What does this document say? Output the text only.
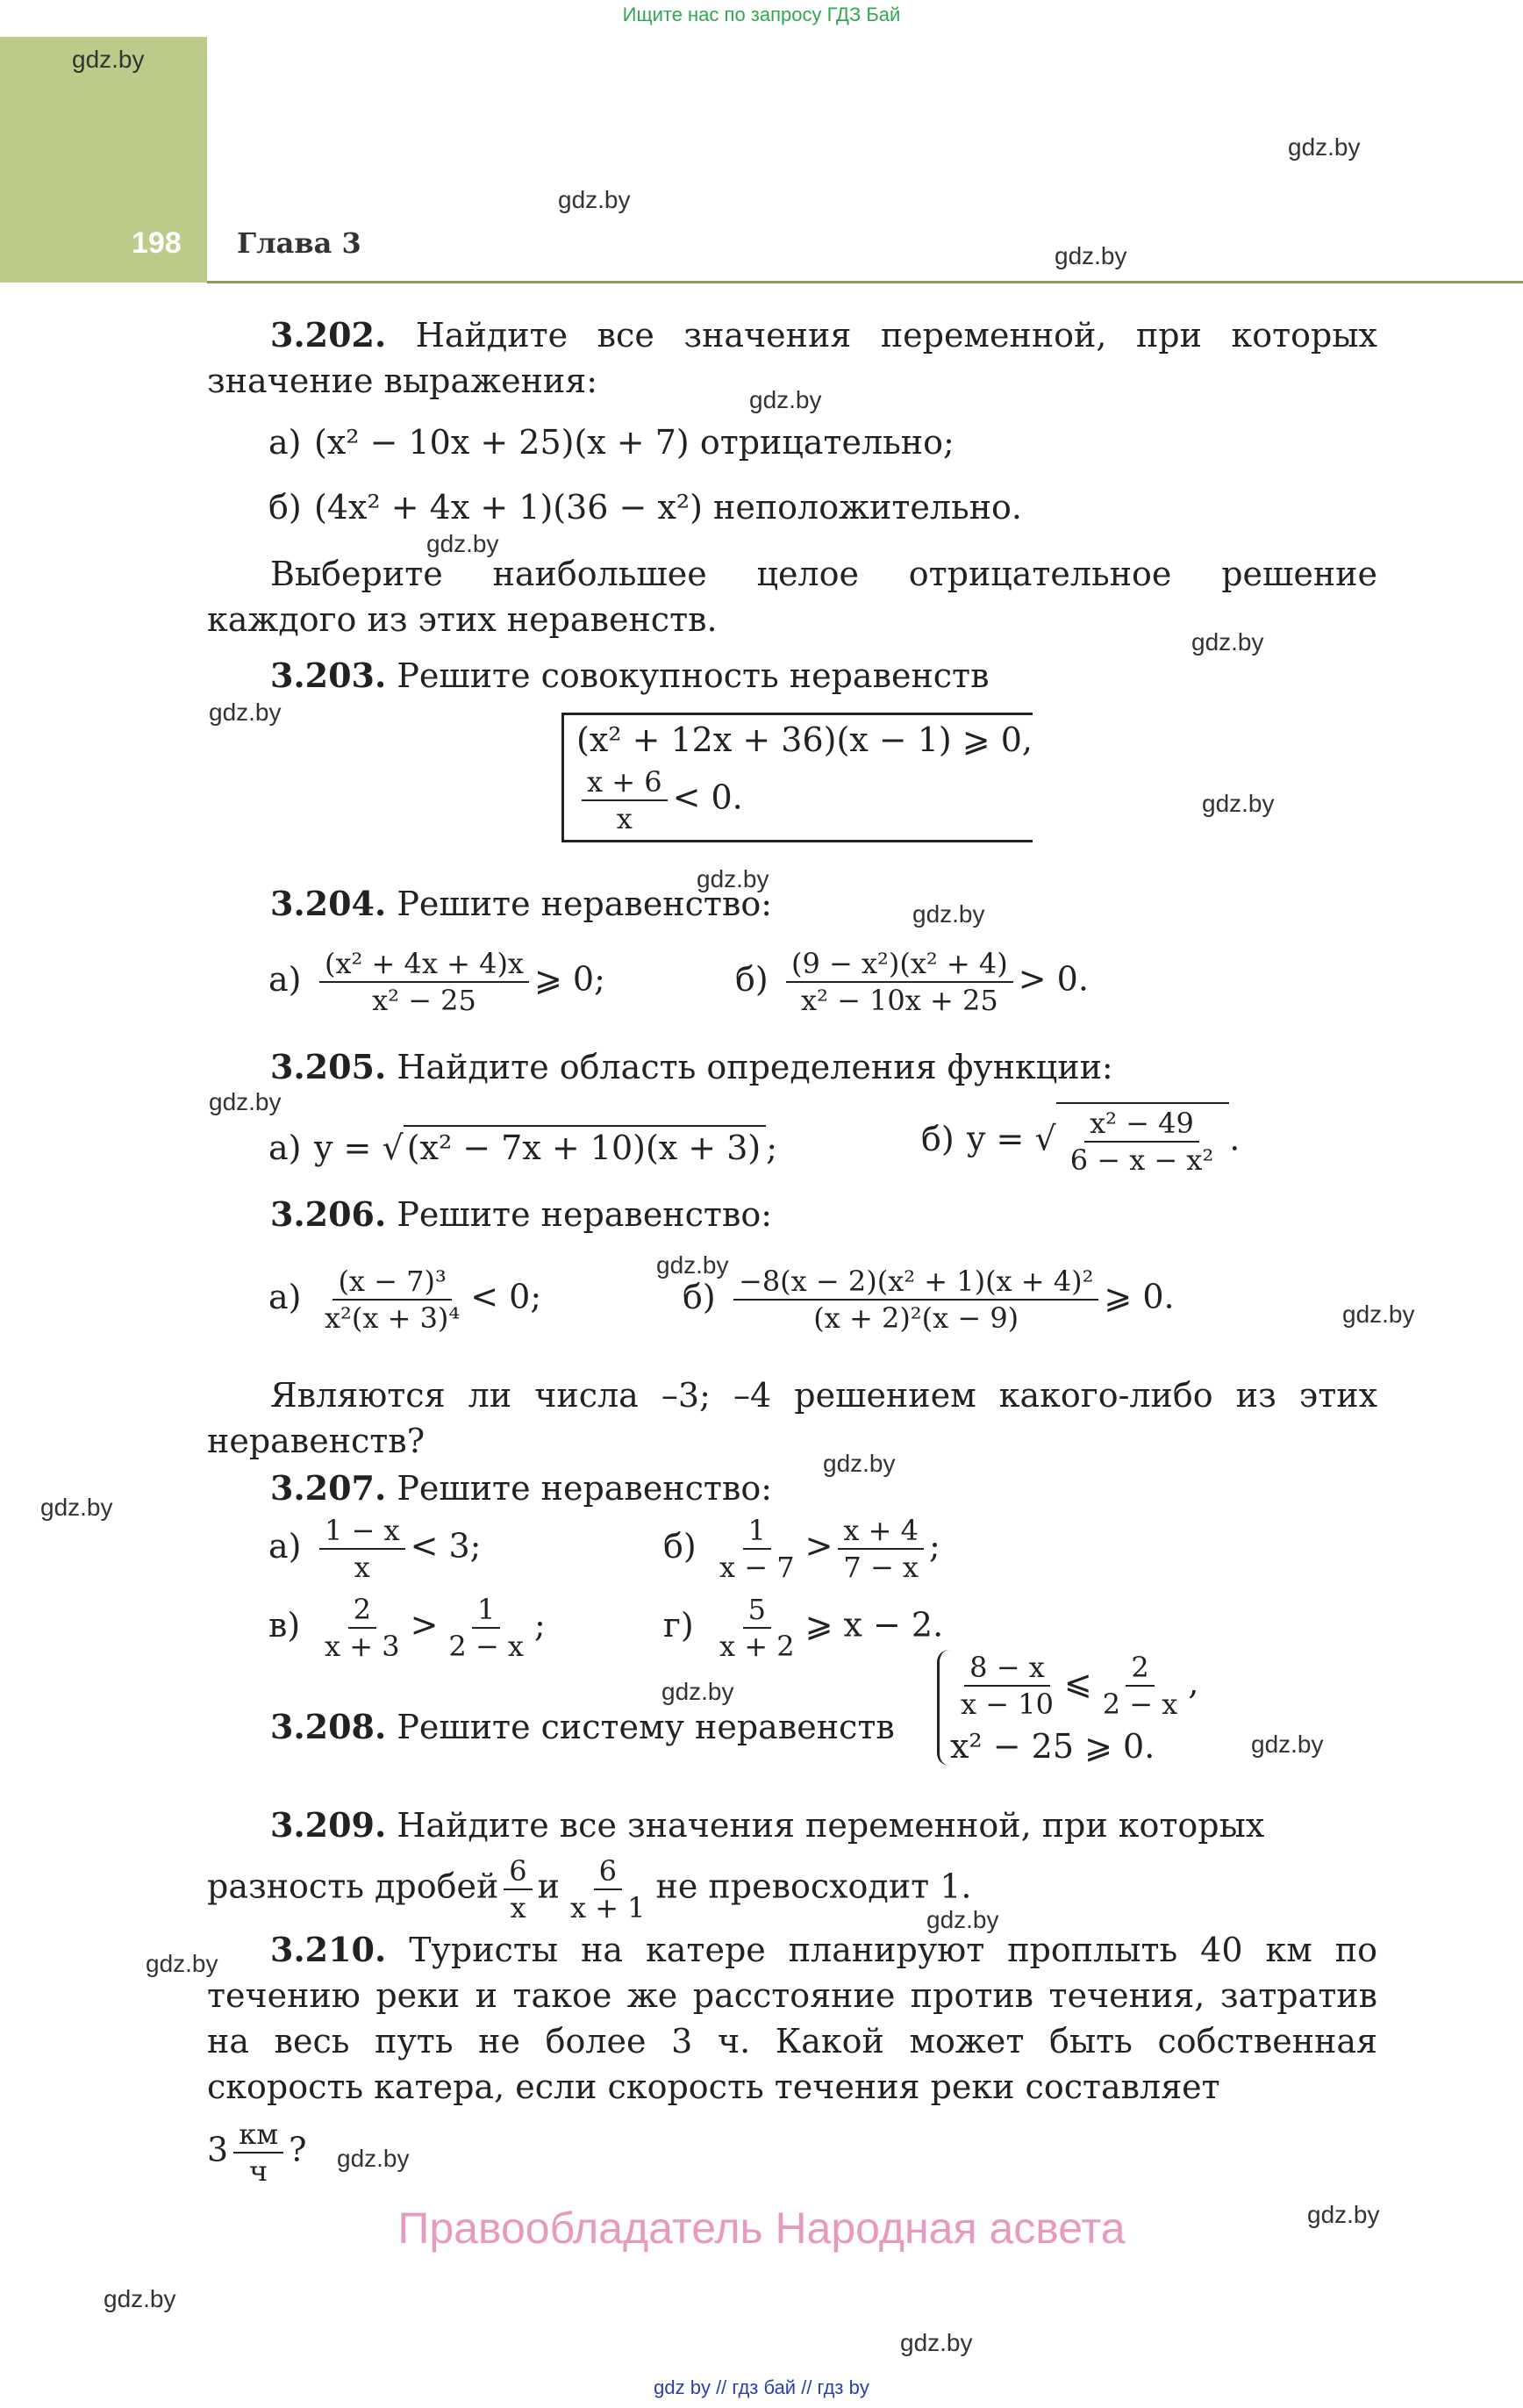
Ищите нас по запросу ГДЗ Бай
198 Глава 3
gdz.by
gdz.by
gdz.by
gdz.by
gdz.by
gdz.by
gdz.by
gdz.by
gdz.by
gdz.by
gdz.by
gdz.by
gdz.by
gdz.by
gdz.by
gdz.by
gdz.by
gdz.by
gdz.by
gdz.by
gdz.by
gdz.by
gdz.by
gdz.by
3.202. Найдите все значения переменной, при которых значение выражения:
а) (x² − 10x + 25)(x + 7) отрицательно;
б) (4x² + 4x + 1)(36 − x²) неположительно.
Выберите наибольшее целое отрицательное решение каждого из этих неравенств.
3.203. Решите совокупность неравенств
(x² + 12x + 36)(x − 1) ⩾ 0,
$\frac{x + 6}{x} < 0$.
3.204. Решите неравенство:
$а) \frac{\text{(x² + 4x + 4)x}}{\text{x² − 25}}$ ⩾ 0;	$б) \frac{\text{(9 − x²)(x² + 4)}}{\text{x² − 10x + 25}} > 0$.
3.205. Найдите область определения функции:
а) y = √ (x² − 7x + 10)(x + 3) ;	б) y = √ $\frac{\text{x² − 49}}{\text{6 − x − x²}}$ .
3.206. Решите неравенство:
$а) \frac{\text{(x − 7)³}}{\text{x²(x + 3)⁴}} < 0$;	$б) \frac{\text{−8(x − 2)(x² + 1)(x + 4)²}}{\text{(x + 2)²(x − 9)}}$ ⩾ 0.
Являются ли числа –3; –4 решением какого-либо из этих неравенств?
3.207. Решите неравенство:
$а) \frac{1 - x}{x} < 3$;	$б) \frac{1}{x - 7} > \frac{x + 4}{7 - x}$ ;
$в) \frac{2}{x + 3} > \frac{1}{2 - x}$ ;	$г) \frac{5}{x + 2}$ ⩾ x − 2.
3.208. Решите систему неравенств
$\frac{8 - x}{x - 10}$ ⩽ $\frac{2}{2 - x}$ ,
x² − 25 ⩾ 0.
3.209. Найдите все значения переменной, при которых
разность дробей $\frac{6}{x}$ и $\frac{6}{x + 1}$ не превосходит 1.
3.210. Туристы на катере планируют проплыть 40 км по течению реки и такое же расстояние против течения, затратив на весь путь не более 3 ч. Какой может быть собственная скорость катера, если скорость течения реки составляет
$3 \frac{км}{ч}$ ?
Правообладатель Народная асвета
gdz by // гдз бай // гдз by
